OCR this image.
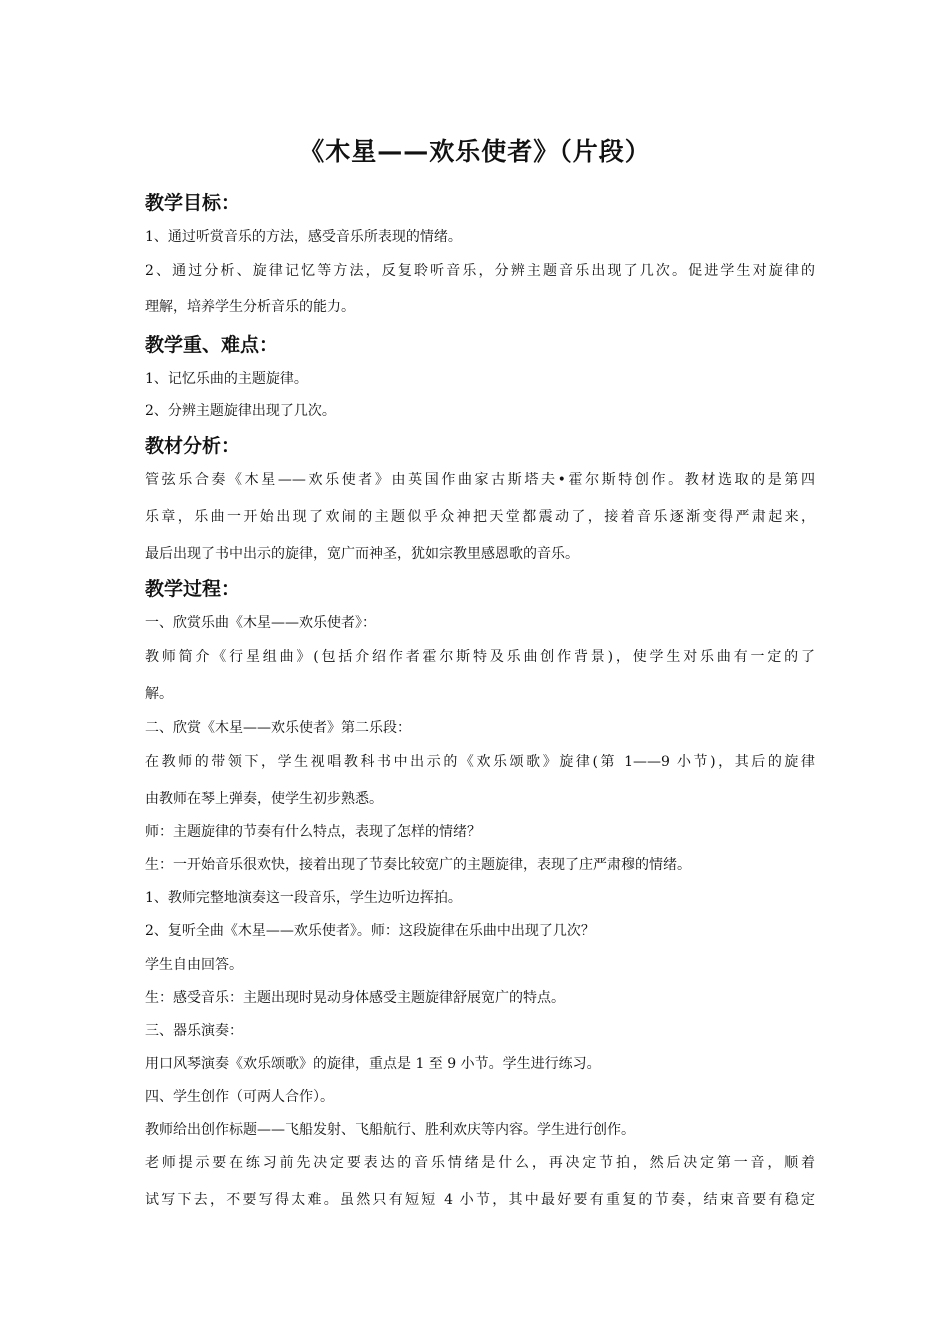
《木星——欢乐使者》（片段）
教学目标：
1、通过听赏音乐的方法，感受音乐所表现的情绪。
2、通过分析、旋律记忆等方法，反复聆听音乐，分辨主题音乐出现了几次。促进学生对旋律的
理解，培养学生分析音乐的能力。
教学重、难点：
1、记忆乐曲的主题旋律。
2、分辨主题旋律出现了几次。
教材分析：
管弦乐合奏《木星——欢乐使者》由英国作曲家古斯塔夫•霍尔斯特创作。教材选取的是第四
乐章，乐曲一开始出现了欢闹的主题似乎众神把天堂都震动了，接着音乐逐渐变得严肃起来，
最后出现了书中出示的旋律，宽广而神圣，犹如宗教里感恩歌的音乐。
教学过程：
一、欣赏乐曲《木星——欢乐使者》：
教师简介《行星组曲》(包括介绍作者霍尔斯特及乐曲创作背景)，使学生对乐曲有一定的了
解。
二、欣赏《木星——欢乐使者》第二乐段：
在教师的带领下，学生视唱教科书中出示的《欢乐颂歌》旋律(第 1——9 小节)，其后的旋律
由教师在琴上弹奏，使学生初步熟悉。
师：主题旋律的节奏有什么特点，表现了怎样的情绪？
生：一开始音乐很欢快，接着出现了节奏比较宽广的主题旋律，表现了庄严肃穆的情绪。
1、教师完整地演奏这一段音乐，学生边听边挥拍。
2、复听全曲《木星——欢乐使者》。师：这段旋律在乐曲中出现了几次？
学生自由回答。
生：感受音乐：主题出现时晃动身体感受主题旋律舒展宽广的特点。
三、器乐演奏：
用口风琴演奏《欢乐颂歌》的旋律，重点是 1 至 9 小节。学生进行练习。
四、学生创作（可两人合作）。
教师给出创作标题——飞船发射、飞船航行、胜利欢庆等内容。学生进行创作。
老师提示要在练习前先决定要表达的音乐情绪是什么，再决定节拍，然后决定第一音，顺着
试写下去，不要写得太难。虽然只有短短 4 小节，其中最好要有重复的节奏，结束音要有稳定
